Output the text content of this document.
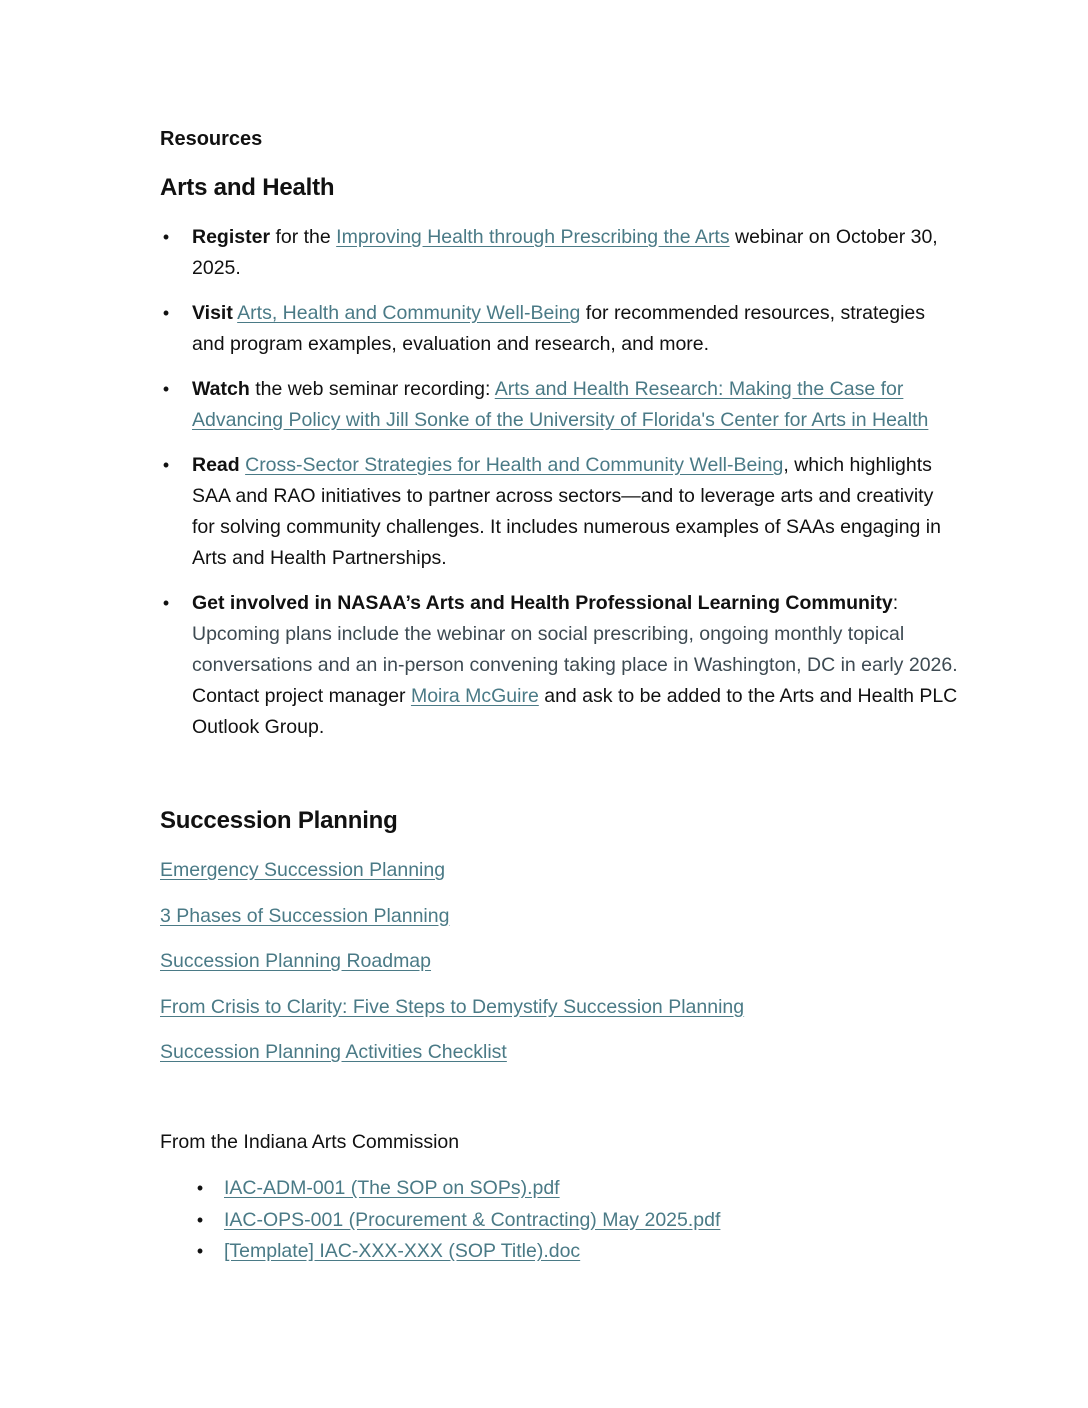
Resources

Arts and Health
• Register for the Improving Health through Prescribing the Arts webinar on October 30, 2025.
• Visit Arts, Health and Community Well-Being for recommended resources, strategies and program examples, evaluation and research, and more.
• Watch the web seminar recording: Arts and Health Research: Making the Case for Advancing Policy with Jill Sonke of the University of Florida's Center for Arts in Health
• Read Cross-Sector Strategies for Health and Community Well-Being, which highlights SAA and RAO initiatives to partner across sectors—and to leverage arts and creativity for solving community challenges. It includes numerous examples of SAAs engaging in Arts and Health Partnerships.
• Get involved in NASAA’s Arts and Health Professional Learning Community: Upcoming plans include the webinar on social prescribing, ongoing monthly topical conversations and an in-person convening taking place in Washington, DC in early 2026. Contact project manager Moira McGuire and ask to be added to the Arts and Health PLC Outlook Group.
Succession Planning
Emergency Succession Planning
3 Phases of Succession Planning
Succession Planning Roadmap
From Crisis to Clarity: Five Steps to Demystify Succession Planning
Succession Planning Activities Checklist

From the Indiana Arts Commission

• IAC-ADM-001 (The SOP on SOPs).pdf
• IAC-OPS-001 (Procurement & Contracting) May 2025.pdf
• [Template] IAC-XXX-XXX (SOP Title).doc
